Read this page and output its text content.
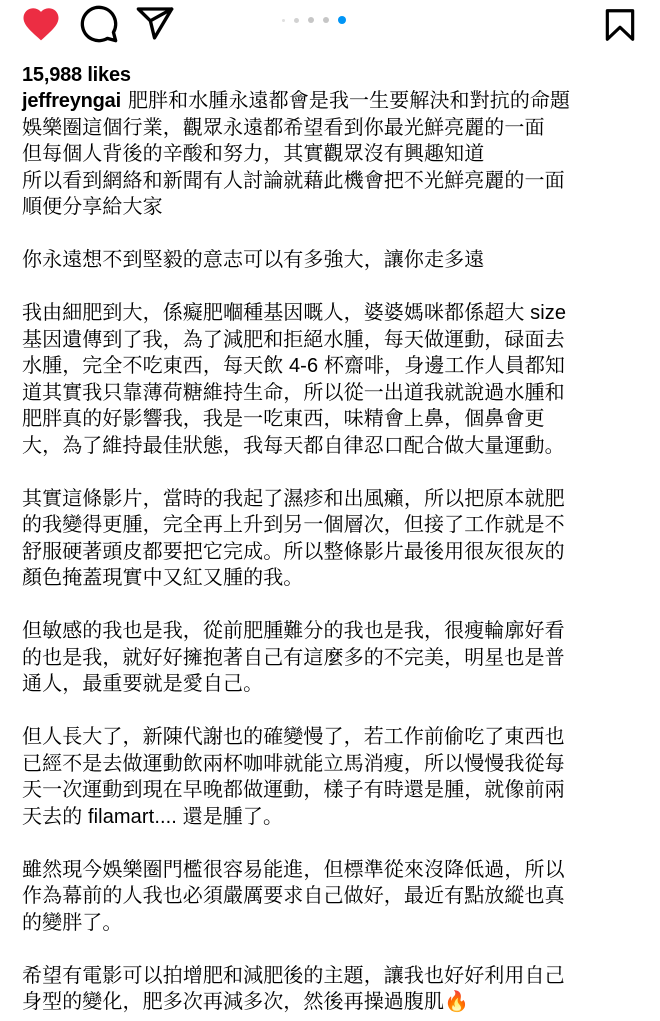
15,988 likes
jeffreyngai 肥胖和水腫永遠都會是我一生要解決和對抗的命題
娛樂圈這個行業，觀眾永遠都希望看到你最光鮮亮麗的一面
但每個人背後的辛酸和努力，其實觀眾沒有興趣知道
所以看到網絡和新聞有人討論就藉此機會把不光鮮亮麗的一面
順便分享給大家
你永遠想不到堅毅的意志可以有多強大，讓你走多遠
我由細肥到大，係癡肥嗰種基因嘅人，婆婆媽咪都係超大 size
基因遺傳到了我，為了減肥和拒絕水腫，每天做運動，碌面去
水腫，完全不吃東西，每天飲 4-6 杯齋啡，身邊工作人員都知
道其實我只靠薄荷糖維持生命，所以從一出道我就說過水腫和
肥胖真的好影響我，我是一吃東西，味精會上鼻，個鼻會更
大，為了維持最佳狀態，我每天都自律忍口配合做大量運動。
其實這條影片，當時的我起了濕疹和出風癩，所以把原本就肥
的我變得更腫，完全再上升到另一個層次，但接了工作就是不
舒服硬著頭皮都要把它完成。所以整條影片最後用很灰很灰的
顏色掩蓋現實中又紅又腫的我。
但敏感的我也是我，從前肥腫難分的我也是我，很瘦輪廓好看
的也是我，就好好擁抱著自己有這麼多的不完美，明星也是普
通人，最重要就是愛自己。
但人長大了，新陳代謝也的確變慢了，若工作前偷吃了東西也
已經不是去做運動飲兩杯咖啡就能立馬消瘦，所以慢慢我從每
天一次運動到現在早晚都做運動，樣子有時還是腫，就像前兩
天去的 filamart.... 還是腫了。
雖然現今娛樂圈門檻很容易能進，但標準從來沒降低過，所以
作為幕前的人我也必須嚴厲要求自己做好，最近有點放縱也真
的變胖了。
希望有電影可以拍增肥和減肥後的主題，讓我也好好利用自己
身型的變化，肥多次再減多次，然後再操過腹肌🔥
